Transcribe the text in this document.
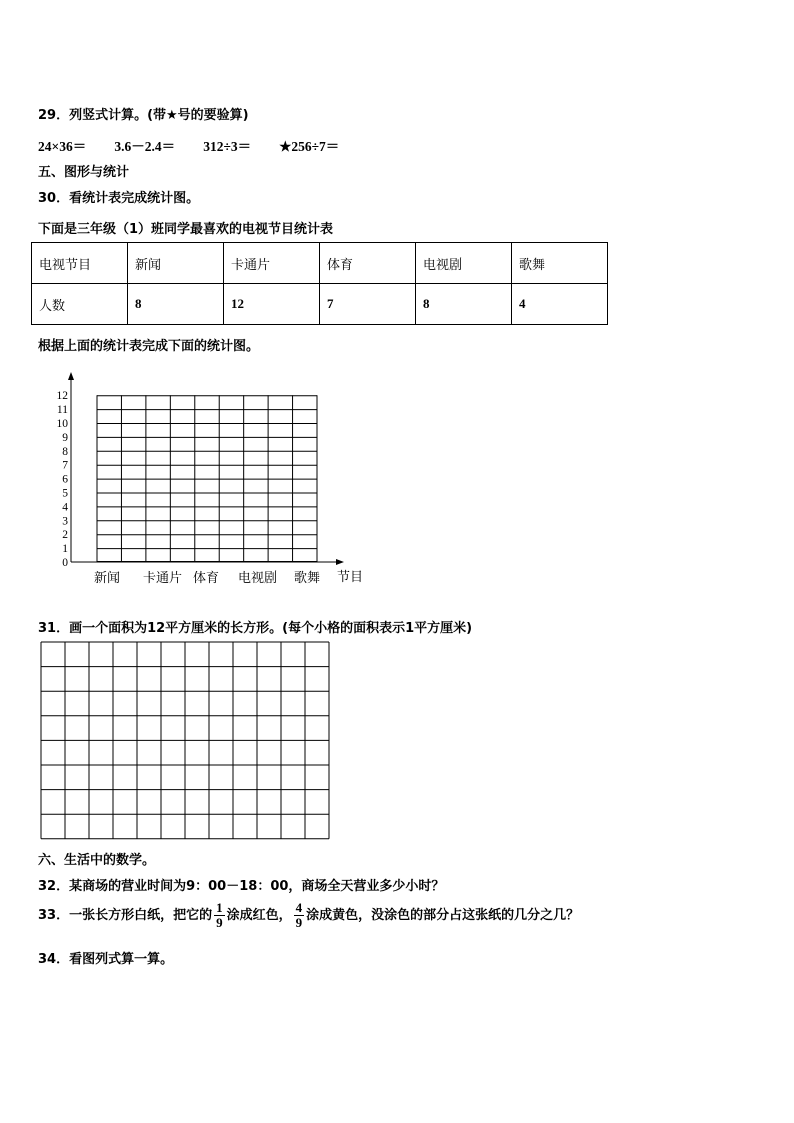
29．列竖式计算。(带★号的要验算)
24×36＝ 3.6－2.4＝ 312÷3＝ ★256÷7＝
五、图形与统计
30．看统计表完成统计图。
下面是三年级（1）班同学最喜欢的电视节目统计表
电视节目	新闻	卡通片	体育	电视剧	歌舞
人数	8	12	7	8	4
根据上面的统计表完成下面的统计图。
0
1
2
3
4
5
6
7
8
9
10
11
12
新闻 卡通片 体育 电视剧 歌舞 节目
31．画一个面积为12平方厘米的长方形。(每个小格的面积表示1平方厘米)
六、生活中的数学。
32．某商场的营业时间为9：00－18：00，商场全天营业多少小时？
33．一张长方形白纸，把它的 $\frac{1}{9}$ 涂成红色， $\frac{4}{9}$ 涂成黄色，没涂色的部分占这张纸的几分之几？
34．看图列式算一算。
